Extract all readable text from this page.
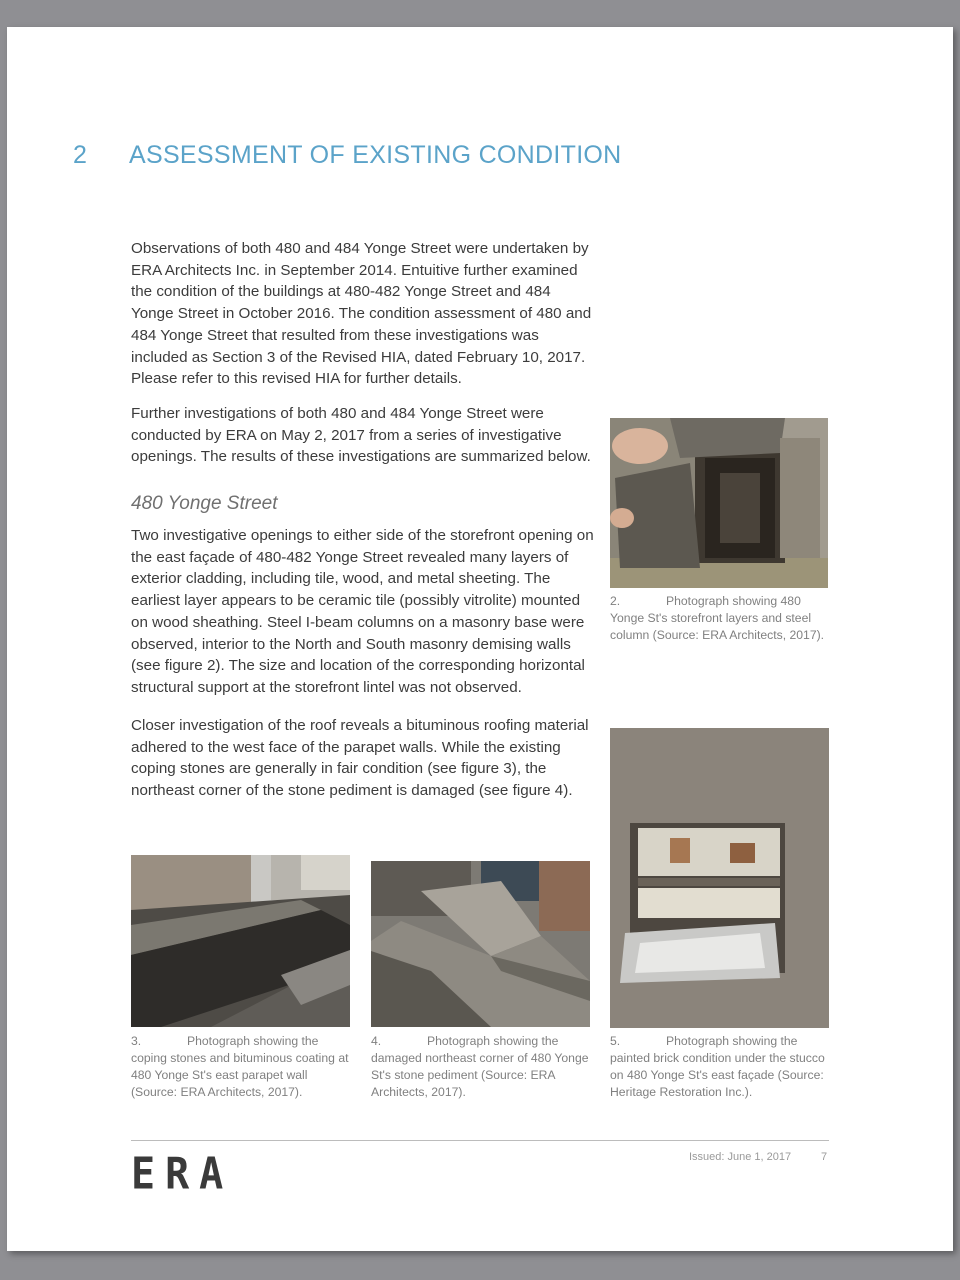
2 ASSESSMENT OF EXISTING CONDITION

Observations of both 480 and 484 Yonge Street were undertaken by ERA Architects Inc. in September 2014. Entuitive further examined the condition of the buildings at 480-482 Yonge Street and 484 Yonge Street in October 2016. The condition assessment of 480 and 484 Yonge Street that resulted from these investigations was included as Section 3 of the Revised HIA, dated February 10, 2017. Please refer to this revised HIA for further details.

Further investigations of both 480 and 484 Yonge Street were conducted by ERA on May 2, 2017 from a series of investigative openings. The results of these investigations are summarized below.

480 Yonge Street

Two investigative openings to either side of the storefront opening on the east façade of 480-482 Yonge Street revealed many layers of exterior cladding, including tile, wood, and metal sheeting. The earliest layer appears to be ceramic tile (possibly vitrolite) mounted on wood sheathing. Steel I-beam columns on a masonry base were observed, interior to the North and South masonry demising walls (see figure 2). The size and location of the corresponding horizontal structural support at the storefront lintel was not observed.

Closer investigation of the roof reveals a bituminous roofing material adhered to the west face of the parapet walls. While the existing coping stones are generally in fair condition (see figure 3), the northeast corner of the stone pediment is damaged (see figure 4).

2.	Photograph showing 480 Yonge St's storefront layers and steel column (Source: ERA Architects, 2017).

5.	Photograph showing the painted brick condition under the stucco on 480 Yonge St's east façade (Source: Heritage Restoration Inc.).

3.	Photograph showing the coping stones and bituminous coating at 480 Yonge St's east parapet wall (Source: ERA Architects, 2017).

4.	Photograph showing the damaged northeast corner of 480 Yonge St's stone pediment (Source: ERA Architects, 2017).

ERA	Issued: June 1, 2017	7
